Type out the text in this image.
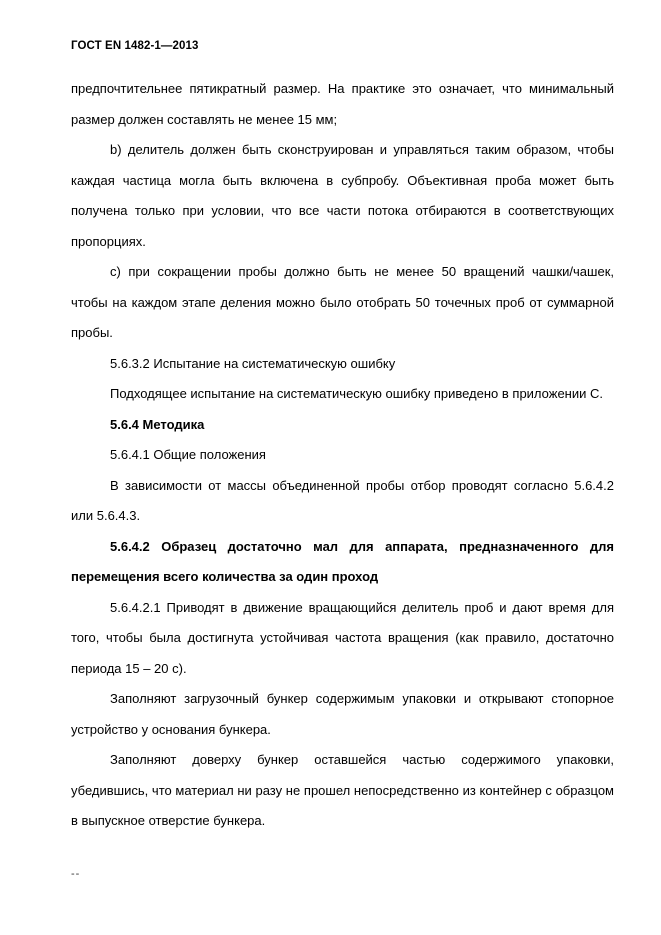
ГОСТ EN 1482-1—2013

предпочтительнее пятикратный размер. На практике это означает, что минимальный размер должен составлять не менее 15 мм;

b) делитель должен быть сконструирован и управляться таким образом, чтобы каждая частица могла быть включена в субпробу. Объективная проба может быть получена только при условии, что все части потока отбираются в соответствующих пропорциях.

с) при сокращении пробы должно быть не менее 50 вращений чашки/чашек, чтобы на каждом этапе деления можно было отобрать 50 точечных проб от суммарной пробы.

5.6.3.2 Испытание на систематическую ошибку

Подходящее испытание на систематическую ошибку приведено в приложении С.

5.6.4 Методика

5.6.4.1 Общие положения

В зависимости от массы объединенной пробы отбор проводят согласно 5.6.4.2 или 5.6.4.3.

5.6.4.2 Образец достаточно мал для аппарата, предназначенного для перемещения всего количества за один проход

5.6.4.2.1 Приводят в движение вращающийся делитель проб и дают время для того, чтобы была достигнута устойчивая частота вращения (как правило, достаточно периода 15 – 20 с).

Заполняют загрузочный бункер содержимым упаковки и открывают стопорное устройство у основания бункера.

Заполняют доверху бункер оставшейся частью содержимого упаковки, убедившись, что материал ни разу не прошел непосредственно из контейнер с образцом в выпускное отверстие бункера.

--
